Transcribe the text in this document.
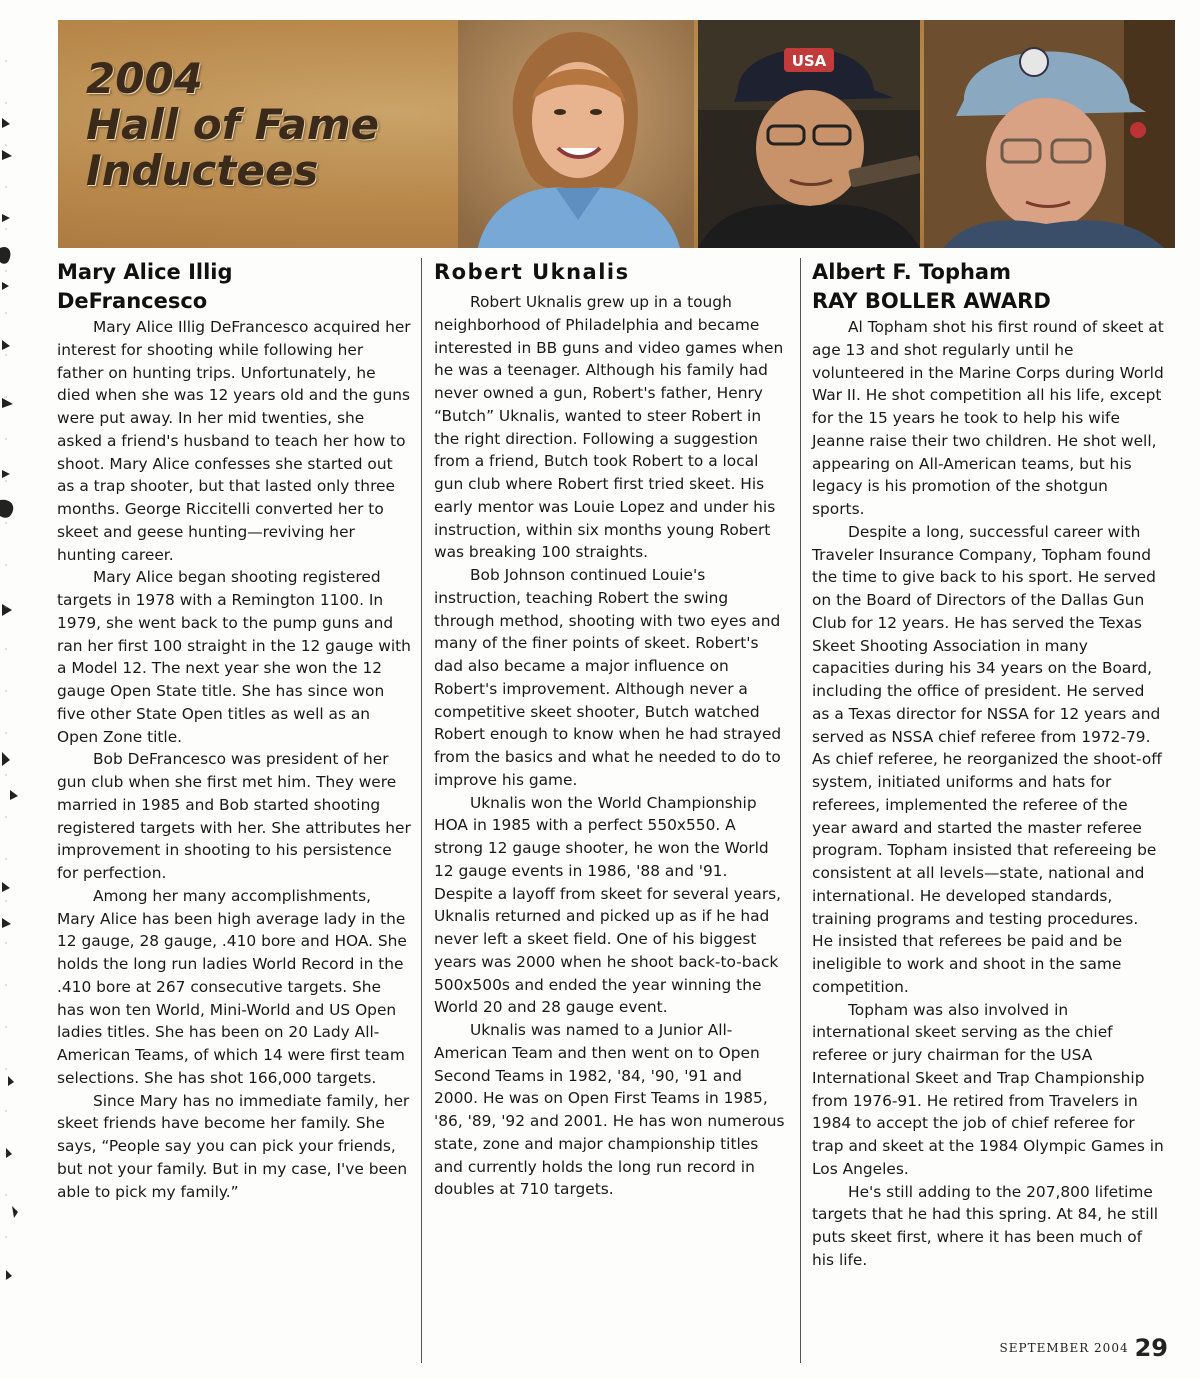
2004
Hall of Fame
Inductees
USA
Mary Alice Illig
DeFrancesco

Mary Alice Illig DeFrancesco acquired her interest for shooting while following her father on hunting trips. Unfortunately, he died when she was 12 years old and the guns were put away. In her mid twenties, she asked a friend's husband to teach her how to shoot. Mary Alice confesses she started out as a trap shooter, but that lasted only three months. George Riccitelli converted her to skeet and geese hunting—reviving her hunting career.

Mary Alice began shooting registered targets in 1978 with a Remington 1100. In 1979, she went back to the pump guns and ran her first 100 straight in the 12 gauge with a Model 12. The next year she won the 12 gauge Open State title. She has since won five other State Open titles as well as an Open Zone title.

Bob DeFrancesco was president of her gun club when she first met him. They were married in 1985 and Bob started shooting registered targets with her. She attributes her improvement in shooting to his persistence for perfection.

Among her many accomplishments, Mary Alice has been high average lady in the 12 gauge, 28 gauge, .410 bore and HOA. She holds the long run ladies World Record in the .410 bore at 267 consecutive targets. She has won ten World, Mini-World and US Open ladies titles. She has been on 20 Lady All-American Teams, of which 14 were first team selections. She has shot 166,000 targets.

Since Mary has no immediate family, her skeet friends have become her family. She says, “People say you can pick your friends, but not your family. But in my case, I've been able to pick my family.”

Robert Uknalis

Robert Uknalis grew up in a tough neighborhood of Philadelphia and became interested in BB guns and video games when he was a teenager. Although his family had never owned a gun, Robert's father, Henry “Butch” Uknalis, wanted to steer Robert in the right direction. Following a suggestion from a friend, Butch took Robert to a local gun club where Robert first tried skeet. His early mentor was Louie Lopez and under his instruction, within six months young Robert was breaking 100 straights.

Bob Johnson continued Louie's instruction, teaching Robert the swing through method, shooting with two eyes and many of the finer points of skeet. Robert's dad also became a major influence on Robert's improvement. Although never a competitive skeet shooter, Butch watched Robert enough to know when he had strayed from the basics and what he needed to do to improve his game.

Uknalis won the World Championship HOA in 1985 with a perfect 550x550. A strong 12 gauge shooter, he won the World 12 gauge events in 1986, '88 and '91. Despite a layoff from skeet for several years, Uknalis returned and picked up as if he had never left a skeet field. One of his biggest years was 2000 when he shoot back-to-back 500x500s and ended the year winning the World 20 and 28 gauge event.

Uknalis was named to a Junior All-American Team and then went on to Open Second Teams in 1982, '84, '90, '91 and 2000. He was on Open First Teams in 1985, '86, '89, '92 and 2001. He has won numerous state, zone and major championship titles and currently holds the long run record in doubles at 710 targets.

Albert F. Topham
RAY BOLLER AWARD

Al Topham shot his first round of skeet at age 13 and shot regularly until he volunteered in the Marine Corps during World War II. He shot competition all his life, except for the 15 years he took to help his wife Jeanne raise their two children. He shot well, appearing on All-American teams, but his legacy is his promotion of the shotgun sports.

Despite a long, successful career with Traveler Insurance Company, Topham found the time to give back to his sport. He served on the Board of Directors of the Dallas Gun Club for 12 years. He has served the Texas Skeet Shooting Association in many capacities during his 34 years on the Board, including the office of president. He served as a Texas director for NSSA for 12 years and served as NSSA chief referee from 1972-79. As chief referee, he reorganized the shoot-off system, initiated uniforms and hats for referees, implemented the referee of the year award and started the master referee program. Topham insisted that refereeing be consistent at all levels—state, national and international. He developed standards, training programs and testing procedures. He insisted that referees be paid and be ineligible to work and shoot in the same competition.

Topham was also involved in international skeet serving as the chief referee or jury chairman for the USA International Skeet and Trap Championship from 1976-91. He retired from Travelers in 1984 to accept the job of chief referee for trap and skeet at the 1984 Olympic Games in Los Angeles.

He's still adding to the 207,800 lifetime targets that he had this spring. At 84, he still puts skeet first, where it has been much of his life.

SEPTEMBER 2004 29
